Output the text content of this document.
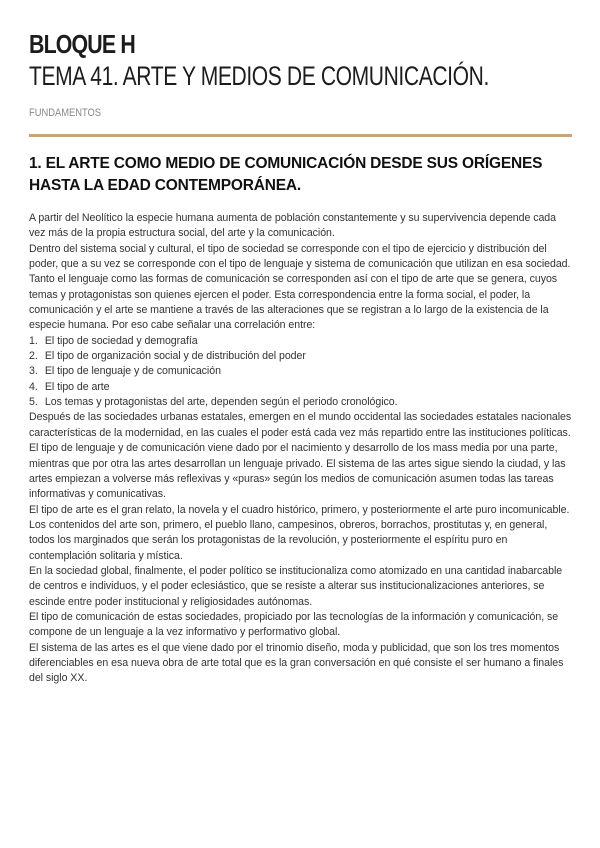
BLOQUE H
TEMA 41. ARTE Y MEDIOS DE COMUNICACIÓN.
FUNDAMENTOS
1. EL ARTE COMO MEDIO DE COMUNICACIÓN DESDE SUS ORÍGENES HASTA LA EDAD CONTEMPORÁNEA.

A partir del Neolítico la especie humana aumenta de población constantemente y su supervivencia depende cada vez más de la propia estructura social, del arte y la comunicación.

Dentro del sistema social y cultural, el tipo de sociedad se corresponde con el tipo de ejercicio y distribución del poder, que a su vez se corresponde con el tipo de lenguaje y sistema de comunicación que utilizan en esa sociedad. Tanto el lenguaje como las formas de comunicación se corresponden así con el tipo de arte que se genera, cuyos temas y protagonistas son quienes ejercen el poder. Esta correspondencia entre la forma social, el poder, la comunicación y el arte se mantiene a través de las alteraciones que se registran a lo largo de la existencia de la especie humana. Por eso cabe señalar una correlación entre:

1. El tipo de sociedad y demografía
2. El tipo de organización social y de distribución del poder
3. El tipo de lenguaje y de comunicación
4. El tipo de arte
5. Los temas y protagonistas del arte, dependen según el periodo cronológico.

Después de las sociedades urbanas estatales, emergen en el mundo occidental las sociedades estatales nacionales características de la modernidad, en las cuales el poder está cada vez más repartido entre las instituciones políticas.

El tipo de lenguaje y de comunicación viene dado por el nacimiento y desarrollo de los mass media por una parte, mientras que por otra las artes desarrollan un lenguaje privado. El sistema de las artes sigue siendo la ciudad, y las artes empiezan a volverse más reflexivas y «puras» según los medios de comunicación asumen todas las tareas informativas y comunicativas.

El tipo de arte es el gran relato, la novela y el cuadro histórico, primero, y posteriormente el arte puro incomunicable. Los contenidos del arte son, primero, el pueblo llano, campesinos, obreros, borrachos, prostitutas y, en general, todos los marginados que serán los protagonistas de la revolución, y posteriormente el espíritu puro en contemplación solitaria y mística.

En la sociedad global, finalmente, el poder político se institucionaliza como atomizado en una cantidad inabarcable de centros e individuos, y el poder eclesiástico, que se resiste a alterar sus institucionalizaciones anteriores, se escinde entre poder institucional y religiosidades autónomas.

El tipo de comunicación de estas sociedades, propiciado por las tecnologías de la información y comunicación, se compone de un lenguaje a la vez informativo y performativo global.

El sistema de las artes es el que viene dado por el trinomio diseño, moda y publicidad, que son los tres momentos diferenciables en esa nueva obra de arte total que es la gran conversación en qué consiste el ser humano a finales del siglo XX.
